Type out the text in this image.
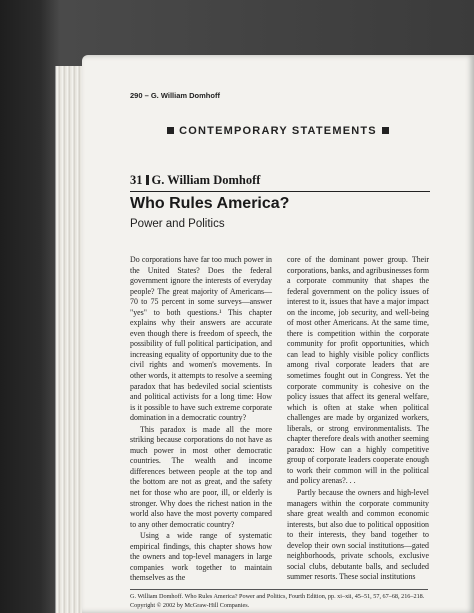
290 – G. William Domhoff
CONTEMPORARY STATEMENTS
31 G. William Domhoff
Who Rules America?
Power and Politics

Do corporations have far too much power in the United States? Does the federal government ignore the interests of everyday people? The great majority of Americans—70 to 75 percent in some surveys—answer "yes" to both questions.¹ This chapter explains why their answers are accurate even though there is freedom of speech, the possibility of full political participation, and increasing equality of opportunity due to the civil rights and women's movements. In other words, it attempts to resolve a seeming paradox that has bedeviled social scientists and political activists for a long time: How is it possible to have such extreme corporate domination in a democratic country?

This paradox is made all the more striking because corporations do not have as much power in most other democratic countries. The wealth and income differences between people at the top and the bottom are not as great, and the safety net for those who are poor, ill, or elderly is stronger. Why does the richest nation in the world also have the most poverty compared to any other democratic country?

Using a wide range of systematic empirical findings, this chapter shows how the owners and top-level managers in large companies work together to maintain themselves as the

core of the dominant power group. Their corporations, banks, and agribusinesses form a corporate community that shapes the federal government on the policy issues of interest to it, issues that have a major impact on the income, job security, and well-being of most other Americans. At the same time, there is competition within the corporate community for profit opportunities, which can lead to highly visible policy conflicts among rival corporate leaders that are sometimes fought out in Congress. Yet the corporate community is cohesive on the policy issues that affect its general welfare, which is often at stake when political challenges are made by organized workers, liberals, or strong environmentalists. The chapter therefore deals with another seeming paradox: How can a highly competitive group of corporate leaders cooperate enough to work their common will in the political and policy arenas?. . .

Partly because the owners and high-level managers within the corporate community share great wealth and common economic interests, but also due to political opposition to their interests, they band together to develop their own social institutions—gated neighborhoods, private schools, exclusive social clubs, debutante balls, and secluded summer resorts. These social institutions

G. William Domhoff. Who Rules America? Power and Politics, Fourth Edition, pp. xi–xii, 45–51, 57, 67–68, 216–218. Copyright © 2002 by McGraw-Hill Companies.
